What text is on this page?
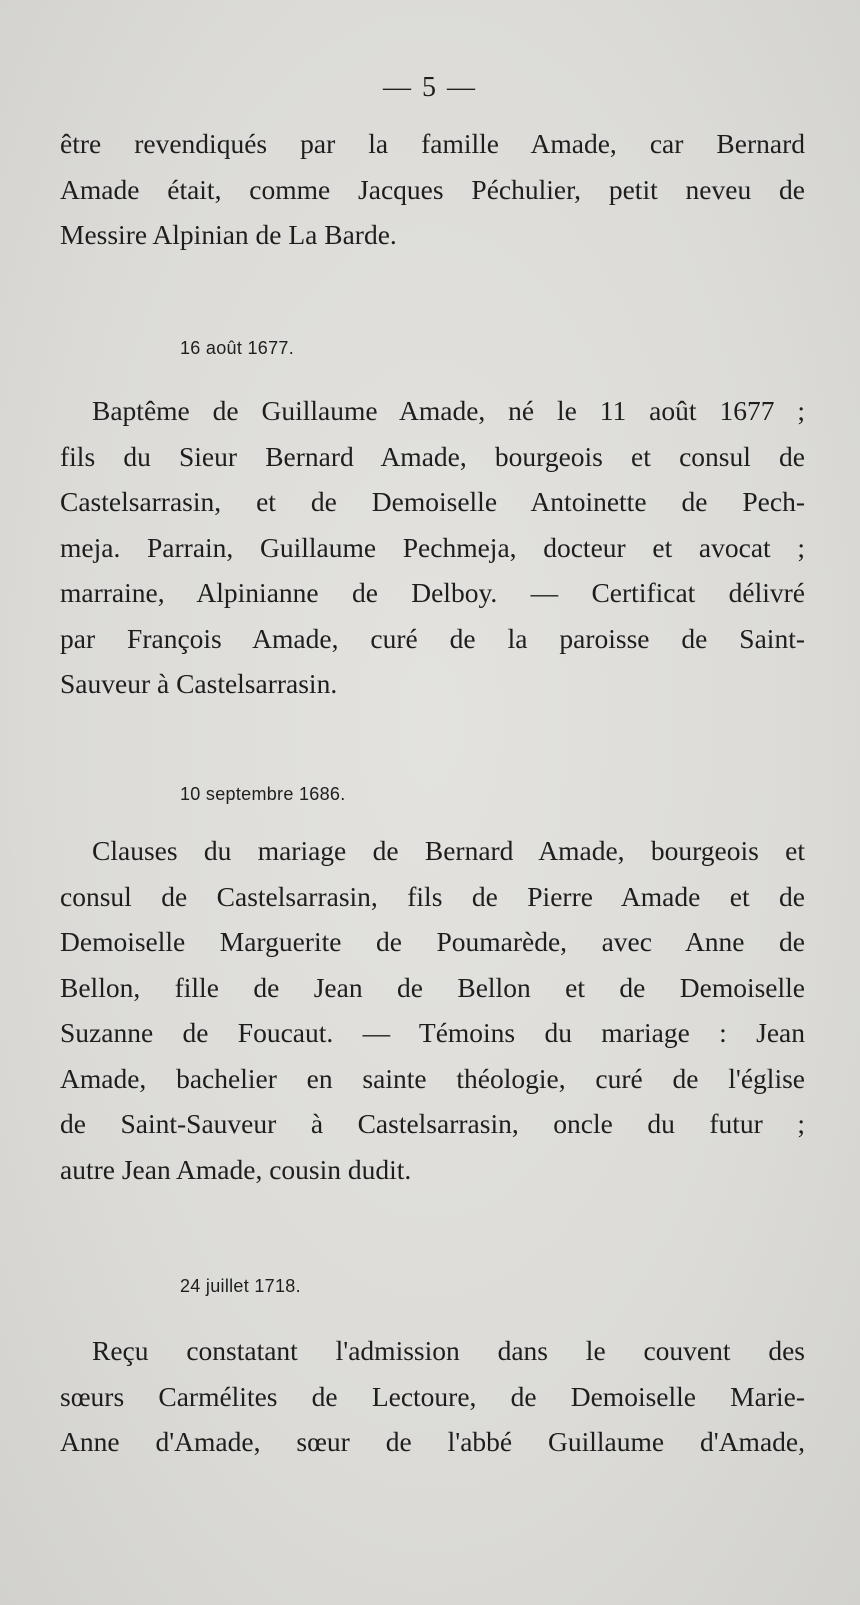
— 5 —

être revendiqués par la famille Amade, car Bernard
Amade était, comme Jacques Péchulier, petit neveu de
Messire Alpinian de La Barde.

16 août 1677.

Baptême de Guillaume Amade, né le 11 août 1677 ;
fils du Sieur Bernard Amade, bourgeois et consul de
Castelsarrasin, et de Demoiselle Antoinette de Pech-
meja. Parrain, Guillaume Pechmeja, docteur et avocat ;
marraine, Alpinianne de Delboy. — Certificat délivré
par François Amade, curé de la paroisse de Saint-
Sauveur à Castelsarrasin.

10 septembre 1686.

Clauses du mariage de Bernard Amade, bourgeois et
consul de Castelsarrasin, fils de Pierre Amade et de
Demoiselle Marguerite de Poumarède, avec Anne de
Bellon, fille de Jean de Bellon et de Demoiselle
Suzanne de Foucaut. — Témoins du mariage : Jean
Amade, bachelier en sainte théologie, curé de l'église
de Saint-Sauveur à Castelsarrasin, oncle du futur ;
autre Jean Amade, cousin dudit.

24 juillet 1718.

Reçu constatant l'admission dans le couvent des
sœurs Carmélites de Lectoure, de Demoiselle Marie-
Anne d'Amade, sœur de l'abbé Guillaume d'Amade,
